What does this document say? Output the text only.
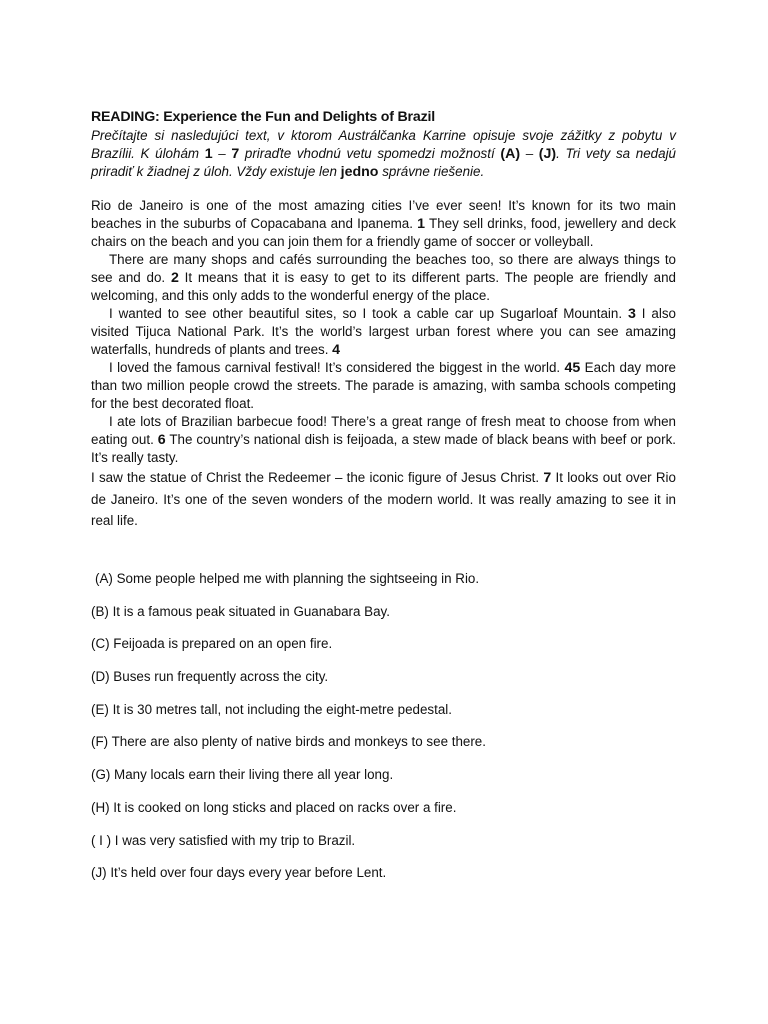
READING: Experience the Fun and Delights of Brazil

Prečítajte si nasledujúci text, v ktorom Austrálčanka Karrine opisuje svoje zážitky z pobytu v Brazílii. K úlohám 1 – 7 priraďte vhodnú vetu spomedzi možností (A) – (J). Tri vety sa nedajú priradiť k žiadnej z úloh. Vždy existuje len jedno správne riešenie.

Rio de Janeiro is one of the most amazing cities I’ve ever seen! It’s known for its two main beaches in the suburbs of Copacabana and Ipanema. 1 They sell drinks, food, jewellery and deck chairs on the beach and you can join them for a friendly game of soccer or volleyball.

There are many shops and cafés surrounding the beaches too, so there are always things to see and do. 2 It means that it is easy to get to its different parts. The people are friendly and welcoming, and this only adds to the wonderful energy of the place.

I wanted to see other beautiful sites, so I took a cable car up Sugarloaf Mountain. 3 I also visited Tijuca National Park. It’s the world’s largest urban forest where you can see amazing waterfalls, hundreds of plants and trees. 4

I loved the famous carnival festival! It’s considered the biggest in the world. 45 Each day more than two million people crowd the streets. The parade is amazing, with samba schools competing for the best decorated float.

I ate lots of Brazilian barbecue food! There’s a great range of fresh meat to choose from when eating out. 6 The country’s national dish is feijoada, a stew made of black beans with beef or pork. It’s really tasty.

I saw the statue of Christ the Redeemer – the iconic figure of Jesus Christ. 7 It looks out over Rio de Janeiro. It’s one of the seven wonders of the modern world. It was really amazing to see it in real life.

(A) Some people helped me with planning the sightseeing in Rio.
(B) It is a famous peak situated in Guanabara Bay.
(C) Feijoada is prepared on an open fire.
(D) Buses run frequently across the city.
(E) It is 30 metres tall, not including the eight-metre pedestal.
(F) There are also plenty of native birds and monkeys to see there.
(G) Many locals earn their living there all year long.
(H) It is cooked on long sticks and placed on racks over a fire.
( I ) I was very satisfied with my trip to Brazil.
(J) It’s held over four days every year before Lent.
